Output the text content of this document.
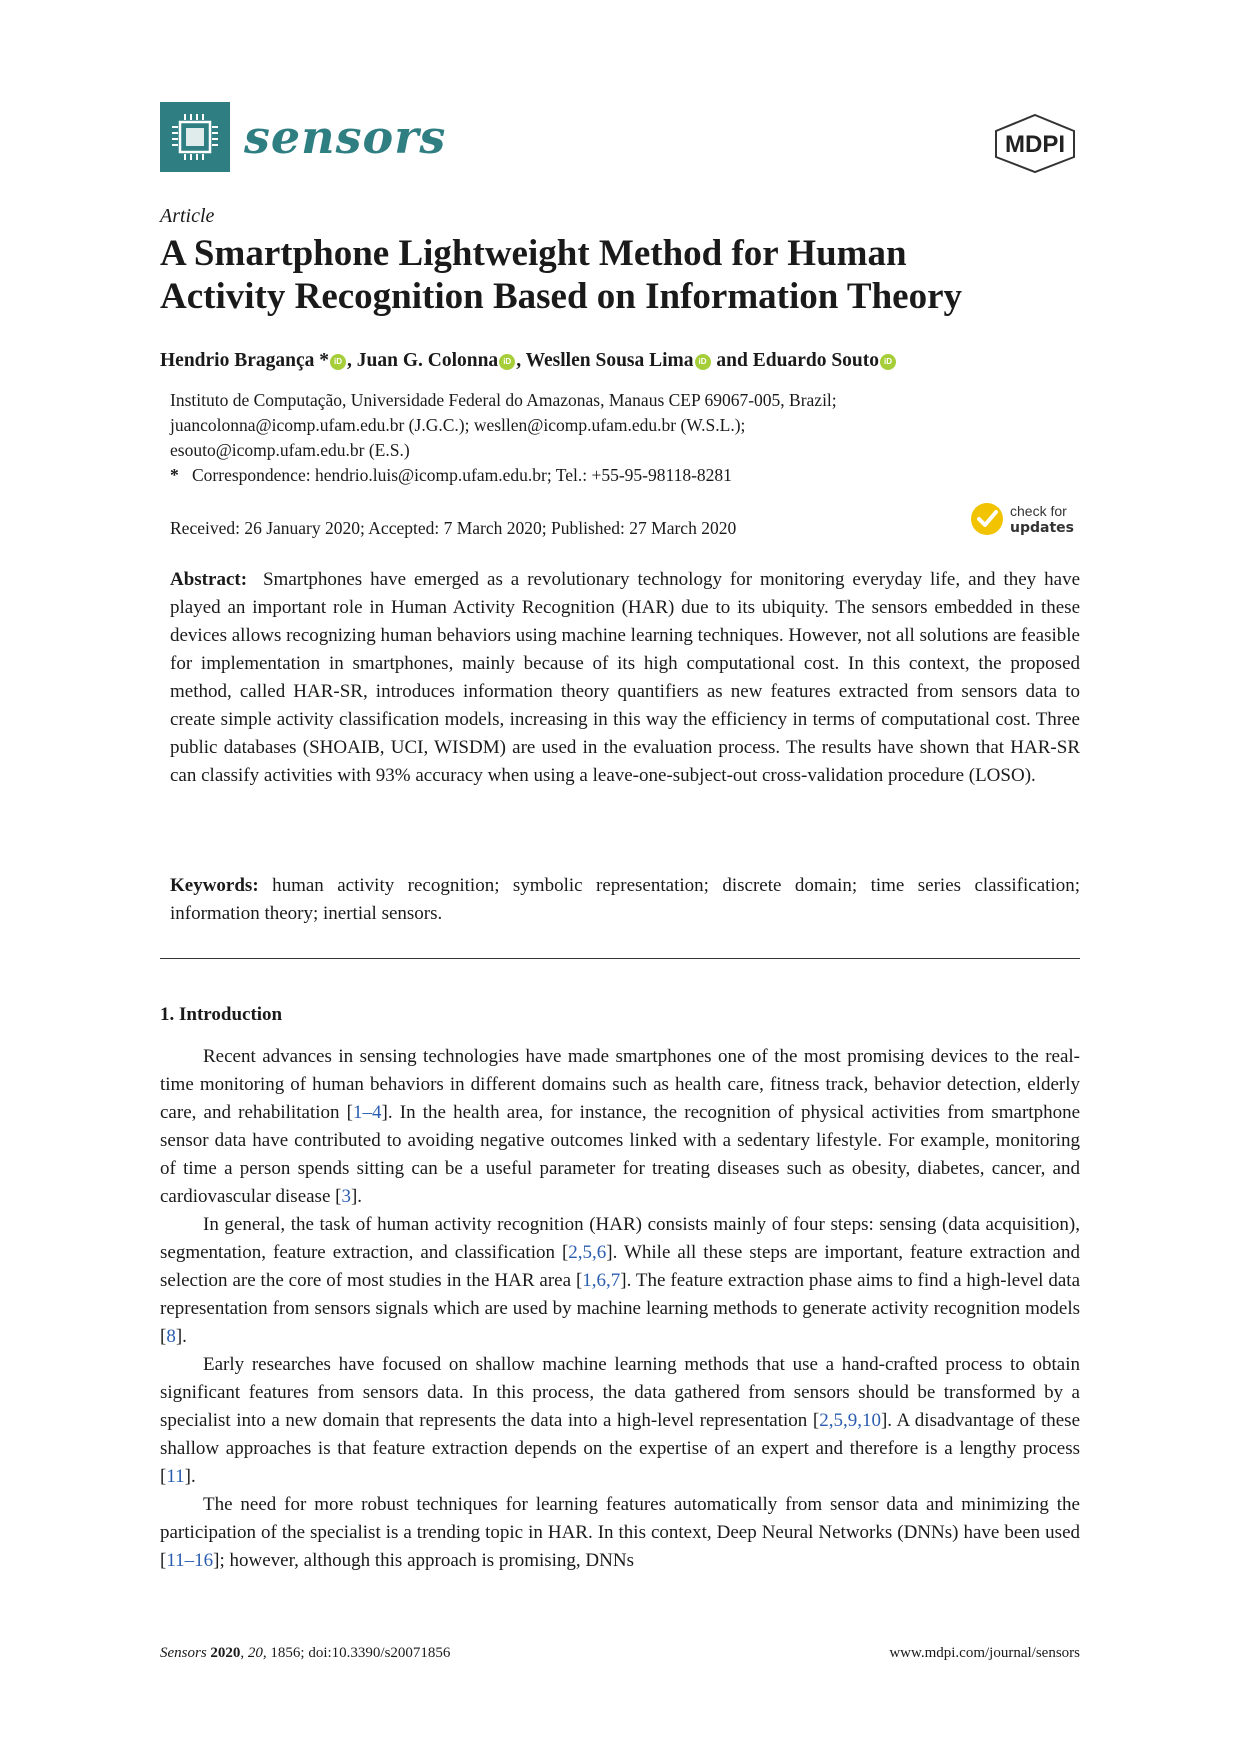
sensors	MDPI
Article
A Smartphone Lightweight Method for Human
Activity Recognition Based on Information Theory
Hendrio Bragança * iD , Juan G. Colonna iD , Wesllen Sousa Lima iD and Eduardo Souto iD
Instituto de Computação, Universidade Federal do Amazonas, Manaus CEP 69067-005, Brazil;
juancolonna@icomp.ufam.edu.br (J.G.C.); wesllen@icomp.ufam.edu.br (W.S.L.);
esouto@icomp.ufam.edu.br (E.S.)
* Correspondence: hendrio.luis@icomp.ufam.edu.br; Tel.: +55-95-98118-8281
Received: 26 January 2020; Accepted: 7 March 2020; Published: 27 March 2020
check for
updates
Abstract: Smartphones have emerged as a revolutionary technology for monitoring everyday life, and they have played an important role in Human Activity Recognition (HAR) due to its ubiquity. The sensors embedded in these devices allows recognizing human behaviors using machine learning techniques. However, not all solutions are feasible for implementation in smartphones, mainly because of its high computational cost. In this context, the proposed method, called HAR-SR, introduces information theory quantifiers as new features extracted from sensors data to create simple activity classification models, increasing in this way the efficiency in terms of computational cost. Three public databases (SHOAIB, UCI, WISDM) are used in the evaluation process. The results have shown that HAR-SR can classify activities with 93% accuracy when using a leave-one-subject-out cross-validation procedure (LOSO).
Keywords: human activity recognition; symbolic representation; discrete domain; time series classification; information theory; inertial sensors.
1. Introduction

Recent advances in sensing technologies have made smartphones one of the most promising devices to the real-time monitoring of human behaviors in different domains such as health care, fitness track, behavior detection, elderly care, and rehabilitation [1–4]. In the health area, for instance, the recognition of physical activities from smartphone sensor data have contributed to avoiding negative outcomes linked with a sedentary lifestyle. For example, monitoring of time a person spends sitting can be a useful parameter for treating diseases such as obesity, diabetes, cancer, and cardiovascular disease [3].

In general, the task of human activity recognition (HAR) consists mainly of four steps: sensing (data acquisition), segmentation, feature extraction, and classification [2,5,6]. While all these steps are important, feature extraction and selection are the core of most studies in the HAR area [1,6,7]. The feature extraction phase aims to find a high-level data representation from sensors signals which are used by machine learning methods to generate activity recognition models [8].

Early researches have focused on shallow machine learning methods that use a hand-crafted process to obtain significant features from sensors data. In this process, the data gathered from sensors should be transformed by a specialist into a new domain that represents the data into a high-level representation [2,5,9,10]. A disadvantage of these shallow approaches is that feature extraction depends on the expertise of an expert and therefore is a lengthy process [11].

The need for more robust techniques for learning features automatically from sensor data and minimizing the participation of the specialist is a trending topic in HAR. In this context, Deep Neural Networks (DNNs) have been used [11–16]; however, although this approach is promising, DNNs

Sensors 2020, 20, 1856; doi:10.3390/s20071856	www.mdpi.com/journal/sensors
